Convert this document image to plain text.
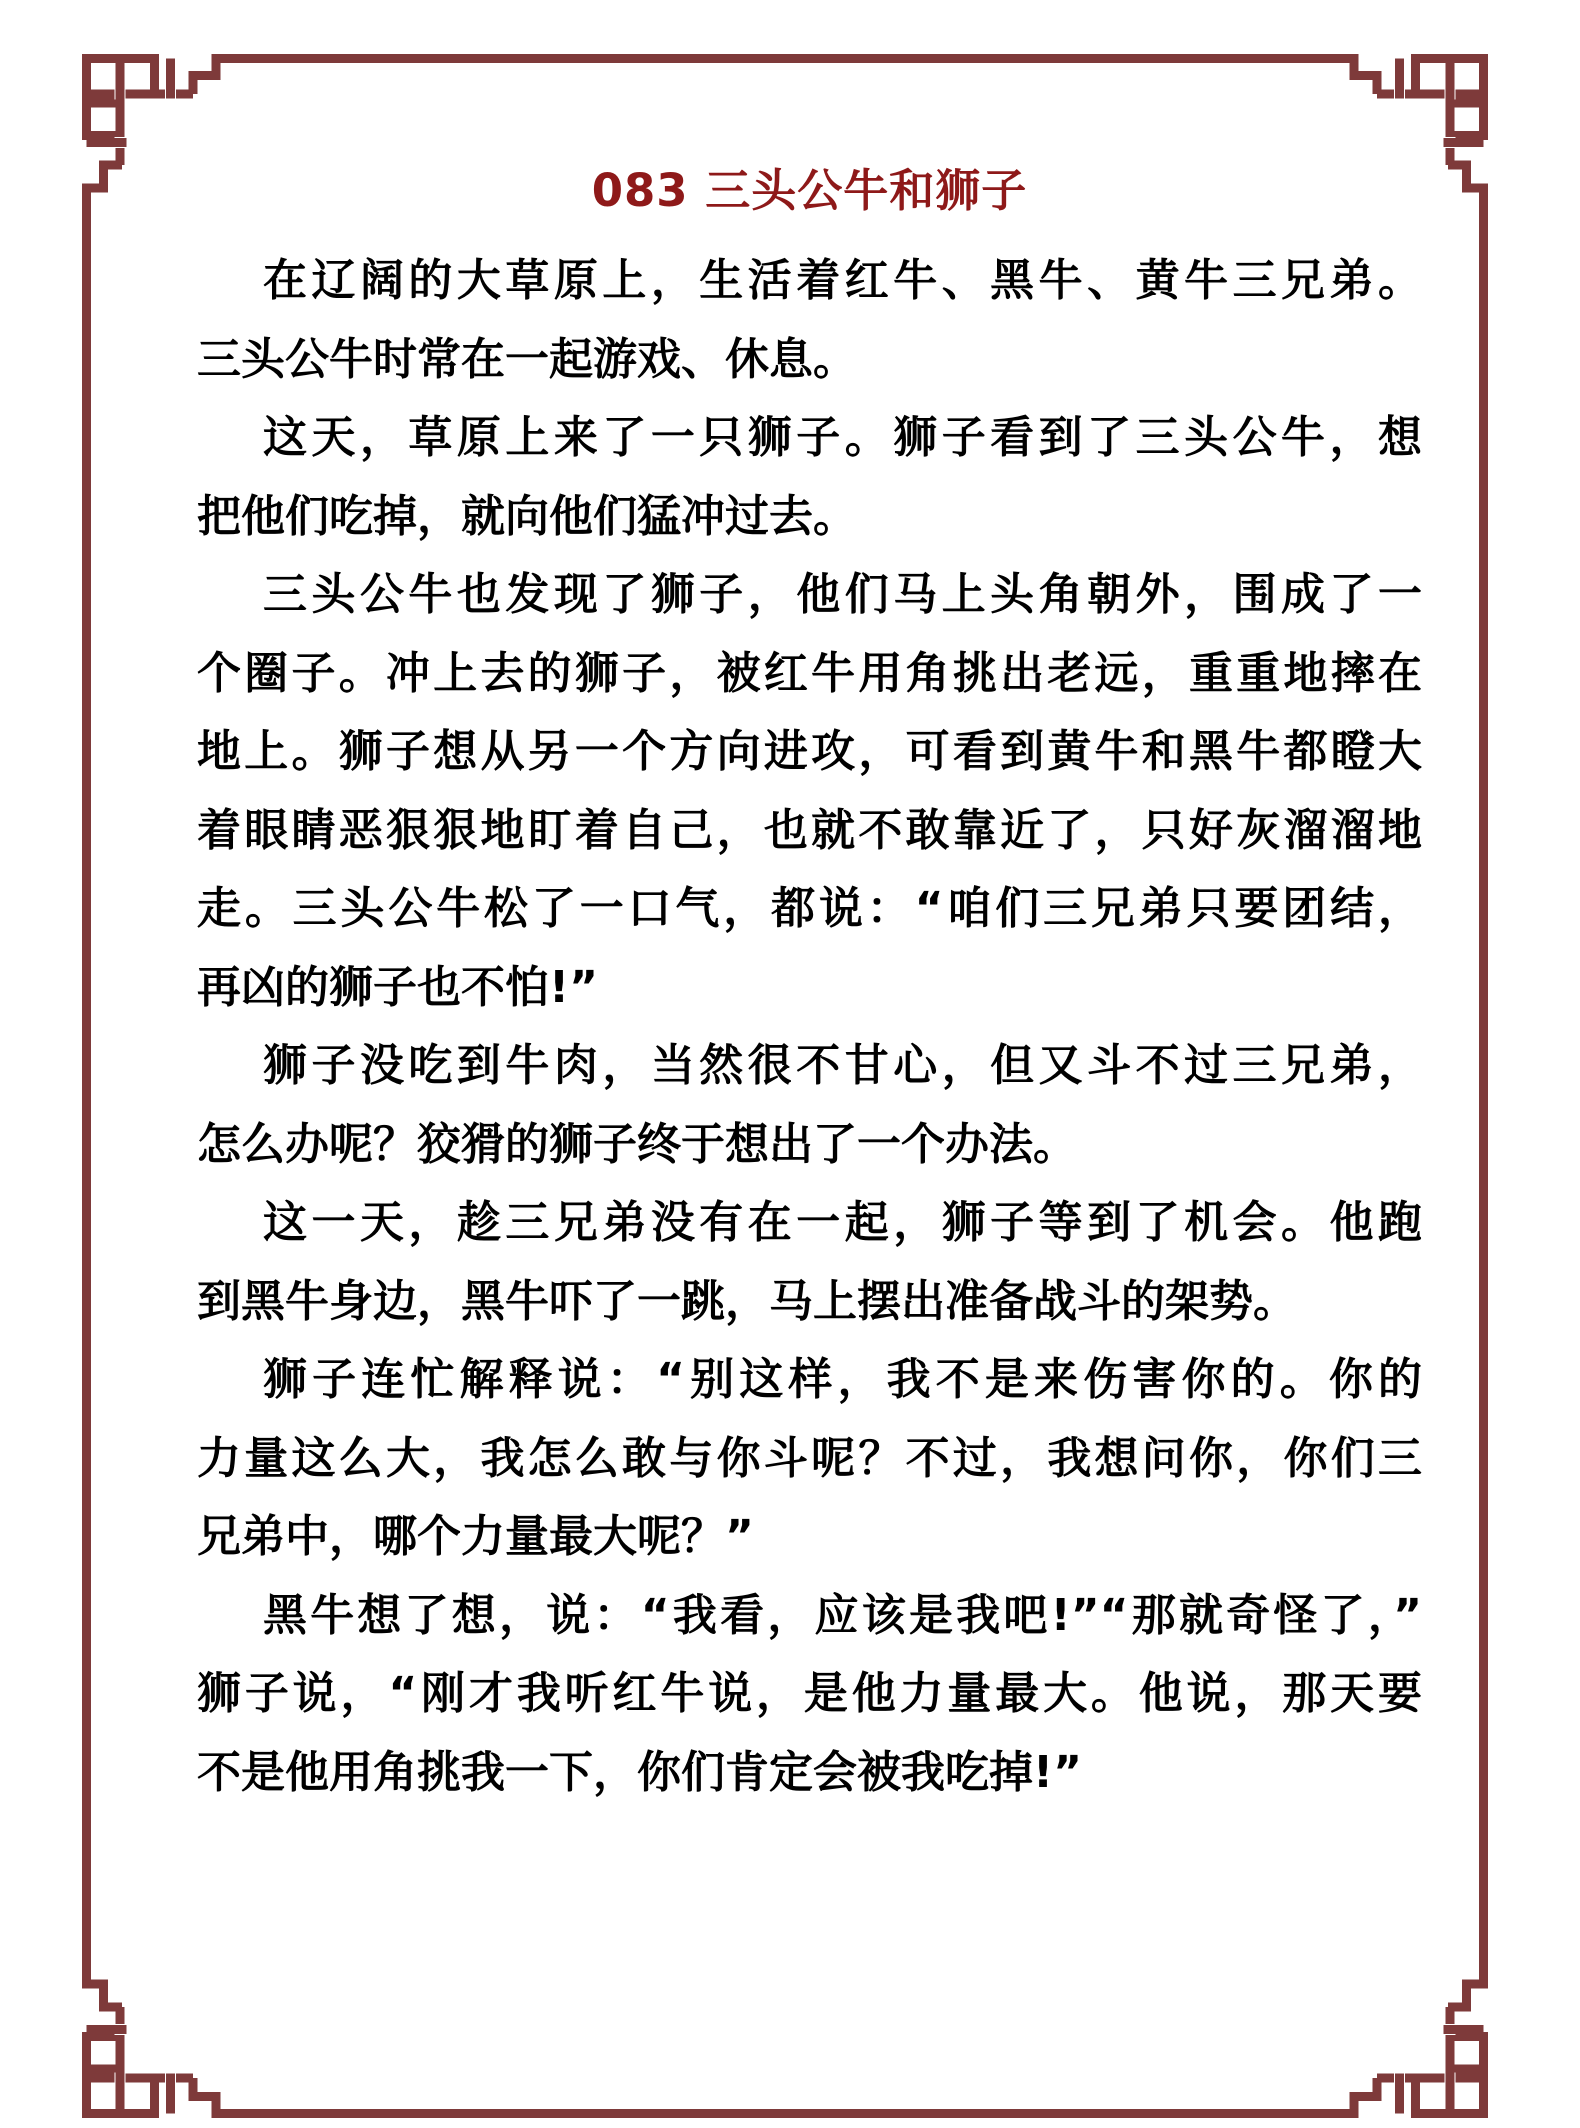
083 三头公牛和狮子
在辽阔的大草原上，生活着红牛、黑牛、黄牛三兄弟。
三头公牛时常在一起游戏、休息。
这天，草原上来了一只狮子。狮子看到了三头公牛，想
把他们吃掉，就向他们猛冲过去。
三头公牛也发现了狮子，他们马上头角朝外，围成了一
个圈子。冲上去的狮子，被红牛用角挑出老远，重重地摔在
地上。狮子想从另一个方向进攻，可看到黄牛和黑牛都瞪大
着眼睛恶狠狠地盯着自己，也就不敢靠近了，只好灰溜溜地
走。三头公牛松了一口气，都说：“咱们三兄弟只要团结，
再凶的狮子也不怕!”
狮子没吃到牛肉，当然很不甘心，但又斗不过三兄弟，
怎么办呢？狡猾的狮子终于想出了一个办法。
这一天，趁三兄弟没有在一起，狮子等到了机会。他跑
到黑牛身边，黑牛吓了一跳，马上摆出准备战斗的架势。
狮子连忙解释说：“别这样，我不是来伤害你的。你的
力量这么大，我怎么敢与你斗呢？不过，我想问你，你们三
兄弟中，哪个力量最大呢？”
黑牛想了想，说：“我看，应该是我吧!”“那就奇怪了，”
狮子说，“刚才我听红牛说，是他力量最大。他说，那天要
不是他用角挑我一下，你们肯定会被我吃掉!”
